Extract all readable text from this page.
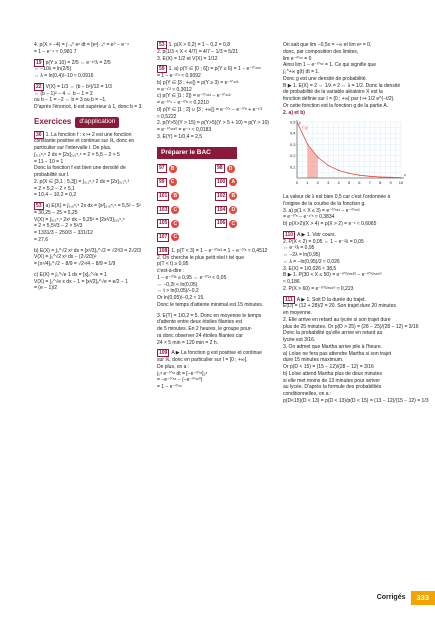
4. p(X > −4) = ∫₋₄⁰ eˣ dt = [eˣ]₋₄⁰ = e⁰ − e⁻⁴
= 1 − e⁻⁴ ≈ 0,981 7
19 p(Y ≥ 10) = 2/5 ⇔ e⁻¹⁰λ = 2/5
⇔ −10λ = ln(2/5)
⇔ λ = ln(0,4)/−10 ≈ 0,0916
22 V(X) = 1/3 ⇔ (b − b²)/12 = 1/3
⇔ (b − 1)² − 4 ⇔ b − 1 = 2
ou b − 1 = −2 ⇔ b = 3 ou b = −1.
D'après l'énoncé, b est supérieur à 1, donc b = 3.
Exercices	d'application
36 1. La fonction f : x ↦ 2 est une fonction
constante positive et continue sur ℝ, donc en
particulier sur l'intervalle I. De plus,
∫₂,₅⁵,⁵ 2 dx = [2x]₂,₅⁵,⁵ = 2 × 5,5 − 2 × 5
= 11 − 10 = 1
Donc la fonction f est bien une densité de
probabilité sur I.
2. p(X ∈ [3,1 ; 5,3]) = ∫₃,₁⁵,³ 2 dx = [2x]₃,₁⁵,³
= 2 × 5,2 − 2 × 5,1
= 10,4 − 10,2 = 0,2
53 a) E(X) = ∫₅,₅⁵,⁵ 2x dx = [x²]₅,₅⁵,⁵ = 5,5² − 5²
= 30,25 − 25 = 5,25
V(X) = ∫₅,₅⁵,⁵ 2x² dx − 5,25² = [2x³/3]₅,₅⁵,⁵
= 2 × 5,5³/3 − 2 × 5³/3
= 1331/3 − 250/3 − 331/12
= 27,6
b) E(X) = ∫₀^√2 x² dx = [x³/3]₀^√2 = √2³/3 = 2√2/3
V(X) = ∫₀^√2 x³ dx − (2√2/3)²
= [x⁴/4]₀^√2 − 8/9 = √2⁴/4 − 8/9 = 1/9
c) E(X) = ∫₀^√e 1 dx = [x]₀^√e = 1
V(X) = ∫₀^√e x dx − 1 = [x²/2]₀^√e = e/2 − 1
= (e − 1)/2
53 1. p(X > 0,2) = 1 − 0,2 = 0,8
2. p(1/3 < X < 4/7) = 4/7 − 1/3 = 5/21
3. E(X) = 1/2 et V(X) = 1/12
59 1. a) p(Y ∈ [0 ; 6]) = p(Y ≤ 6) = 1 − e⁻⁰'⁴ˣ⁶
= 1 − e⁻²'⁴ ≈ 0,9092
b) p(Y ∈ [3 ; +∞[) = p(Y ≥ 3) = e⁻⁰'⁴ˣ³
= e⁻¹'² ≈ 0,3012
c) p(Y ∈ ]1 ; 2]) = e⁻⁰'⁴ˣ¹ − e⁻⁰'⁴ˣ²
= e⁻⁰'⁴ − e⁻⁰'⁸ ≈ 0,2210
d) p(Y ∈ ]1 ; 2] ∪ [3 ; +∞[) = e⁻⁰'⁴ − e⁻⁰'⁸ + e⁻¹'²
≈ 0,5222
2. p(Y>5)(Y > 15) = p(Y>5)(Y > 5 + 10) = p(Y > 10)
= e⁻⁰'⁴ˣ¹⁰ = e⁻⁴ ≈ 0,0183
3. E(Y) = 1/0,4 = 2,5
Préparer le BAC
97	B	98	D
99	C	100	A
101	B	102	B
103	C	104	D
105	C	106	C
107	C
108 1. p(T < 3) = 1 − e⁻⁰'²ˣ³ = 1 − e⁻⁰'⁶ ≈ 0,4512
2. On cherche le plus petit réel t tel que
p(T < t) ≥ 0,95
c'est-à-dire :
1 − e⁻⁰'²ᵗ ≥ 0,95 ⇔ e⁻⁰'²ᵗ < 0,05
⇔ −0,2t < ln(0,05)
⇔ t > ln(0,05)/−0,2
Or ln(0,05)/−0,2 ≈ 15.
Donc le temps d'attente minimal est 15 minutes.
3. E(T) = 1/0,2 = 5. Donc en moyenne le temps
d'attente entre deux étoiles filantes est
de 5 minutes. En 2 heures, le groupe pour-
ra donc observer 24 étoiles filantes car
24 × 5 min = 120 min = 2 h.
109 A ▶ La fonction g est positive et continue
sur ℝ, donc en particulier sur I = [0 ; +∞[.
De plus, on a :
∫₀ˣ e⁻⁰'⁵ᵗ dt = [−e⁻⁰'⁵ᵗ]₀ˣ
= −e⁻⁰'⁵ˣ − (−e⁻⁰'⁵ˣ⁰)
= 1 − e⁻⁰'⁵ˣ
On sait que lim −0,5x = −∞ et lim eˣ = 0,
donc, par composition des limites,
lim e⁻⁰'⁵ˣ = 0
Ainsi lim 1 − e⁻⁰'⁵ˣ = 1. Ce qui signifie que
∫₀^+∞ g(t) dt = 1.
Donc g est une densité de probabilité.
B ▶ 1. E(X) = 2 ⇔ 1/λ = 2 ⇔ λ = 1/2. Donc la densité
de probabilité de la variable aléatoire X est la
fonction définie sur I = [0 ; +∞[ par t ↦ 1/2 e^(−t/2).
Or cette fonction est la fonction g de la partie A.
2. a) et b)
0 1 2 3 4 5 6 7 8 9 10
0,5
0,4
0,3
0,2
0,1
x
y
Cg
La valeur de λ est bien 0,5 car c'est l'ordonnée à
l'origine de la courbe de la fonction g.
3. a) p(1 < X ≤ 3) = e⁻⁰'⁵ˣ¹ − e⁻⁰'⁵ˣ³
= e⁻⁰'⁵ − e⁻¹'⁵ ≈ 0,3834
b) p(X>2)(X > 4) = p(X > 2) = e⁻¹ ≈ 0,6065
110 A ▶ 1. Voir cours.
2. P(X < 2) = 0,05 ⇔ 1 − e⁻²λ = 0,05
⇔ e⁻²λ = 0,95
⇔ −2λ = ln(0,95)
⇔ λ = −ln(0,95)/2 ≈ 0,026
3. E(X) = 1/0,026 ≈ 38,5
B ▶ 1. P(30 < X ≤ 50) = e⁻⁰'⁰²⁵ˣ³⁰ − e⁻⁰'⁰²⁵ˣ⁵⁰
≈ 0,186
2. P(X > 60) = e⁻⁰'⁰²⁵ˣ⁶⁰ ≈ 0,223
111 A ▶ 1. Soit D la durée du trajet.
E(D) = (12 + 28)/2 = 20. Son trajet dure 20 minutes
en moyenne.
2. Elle arrive en retard au lycée si son trajet dure
plus de 25 minutes. Or p(D > 25) = (28 − 25)/(28 − 12) = 3/16
Donc la probabilité qu'elle arrive en retard au
lycée est 3/16.
3. On admet que Martha arrive pile à l'heure.
a) Loïse ne fera pas attendre Martha si son trajet
dure 15 minutes maximum.
Or p(D < 15) = (15 − 12)/(28 − 12) = 3/16
b) Loïse attend Martha plus de deux minutes
si elle met moins de 13 minutes pour arriver
au lycée. D'après la formule des probabilités
conditionnelles, on a :
p(D<15)(D < 13) = p(D < 13)/p(D < 15) = (13 − 12)/(15 − 12) = 1/3
Corrigés	333
